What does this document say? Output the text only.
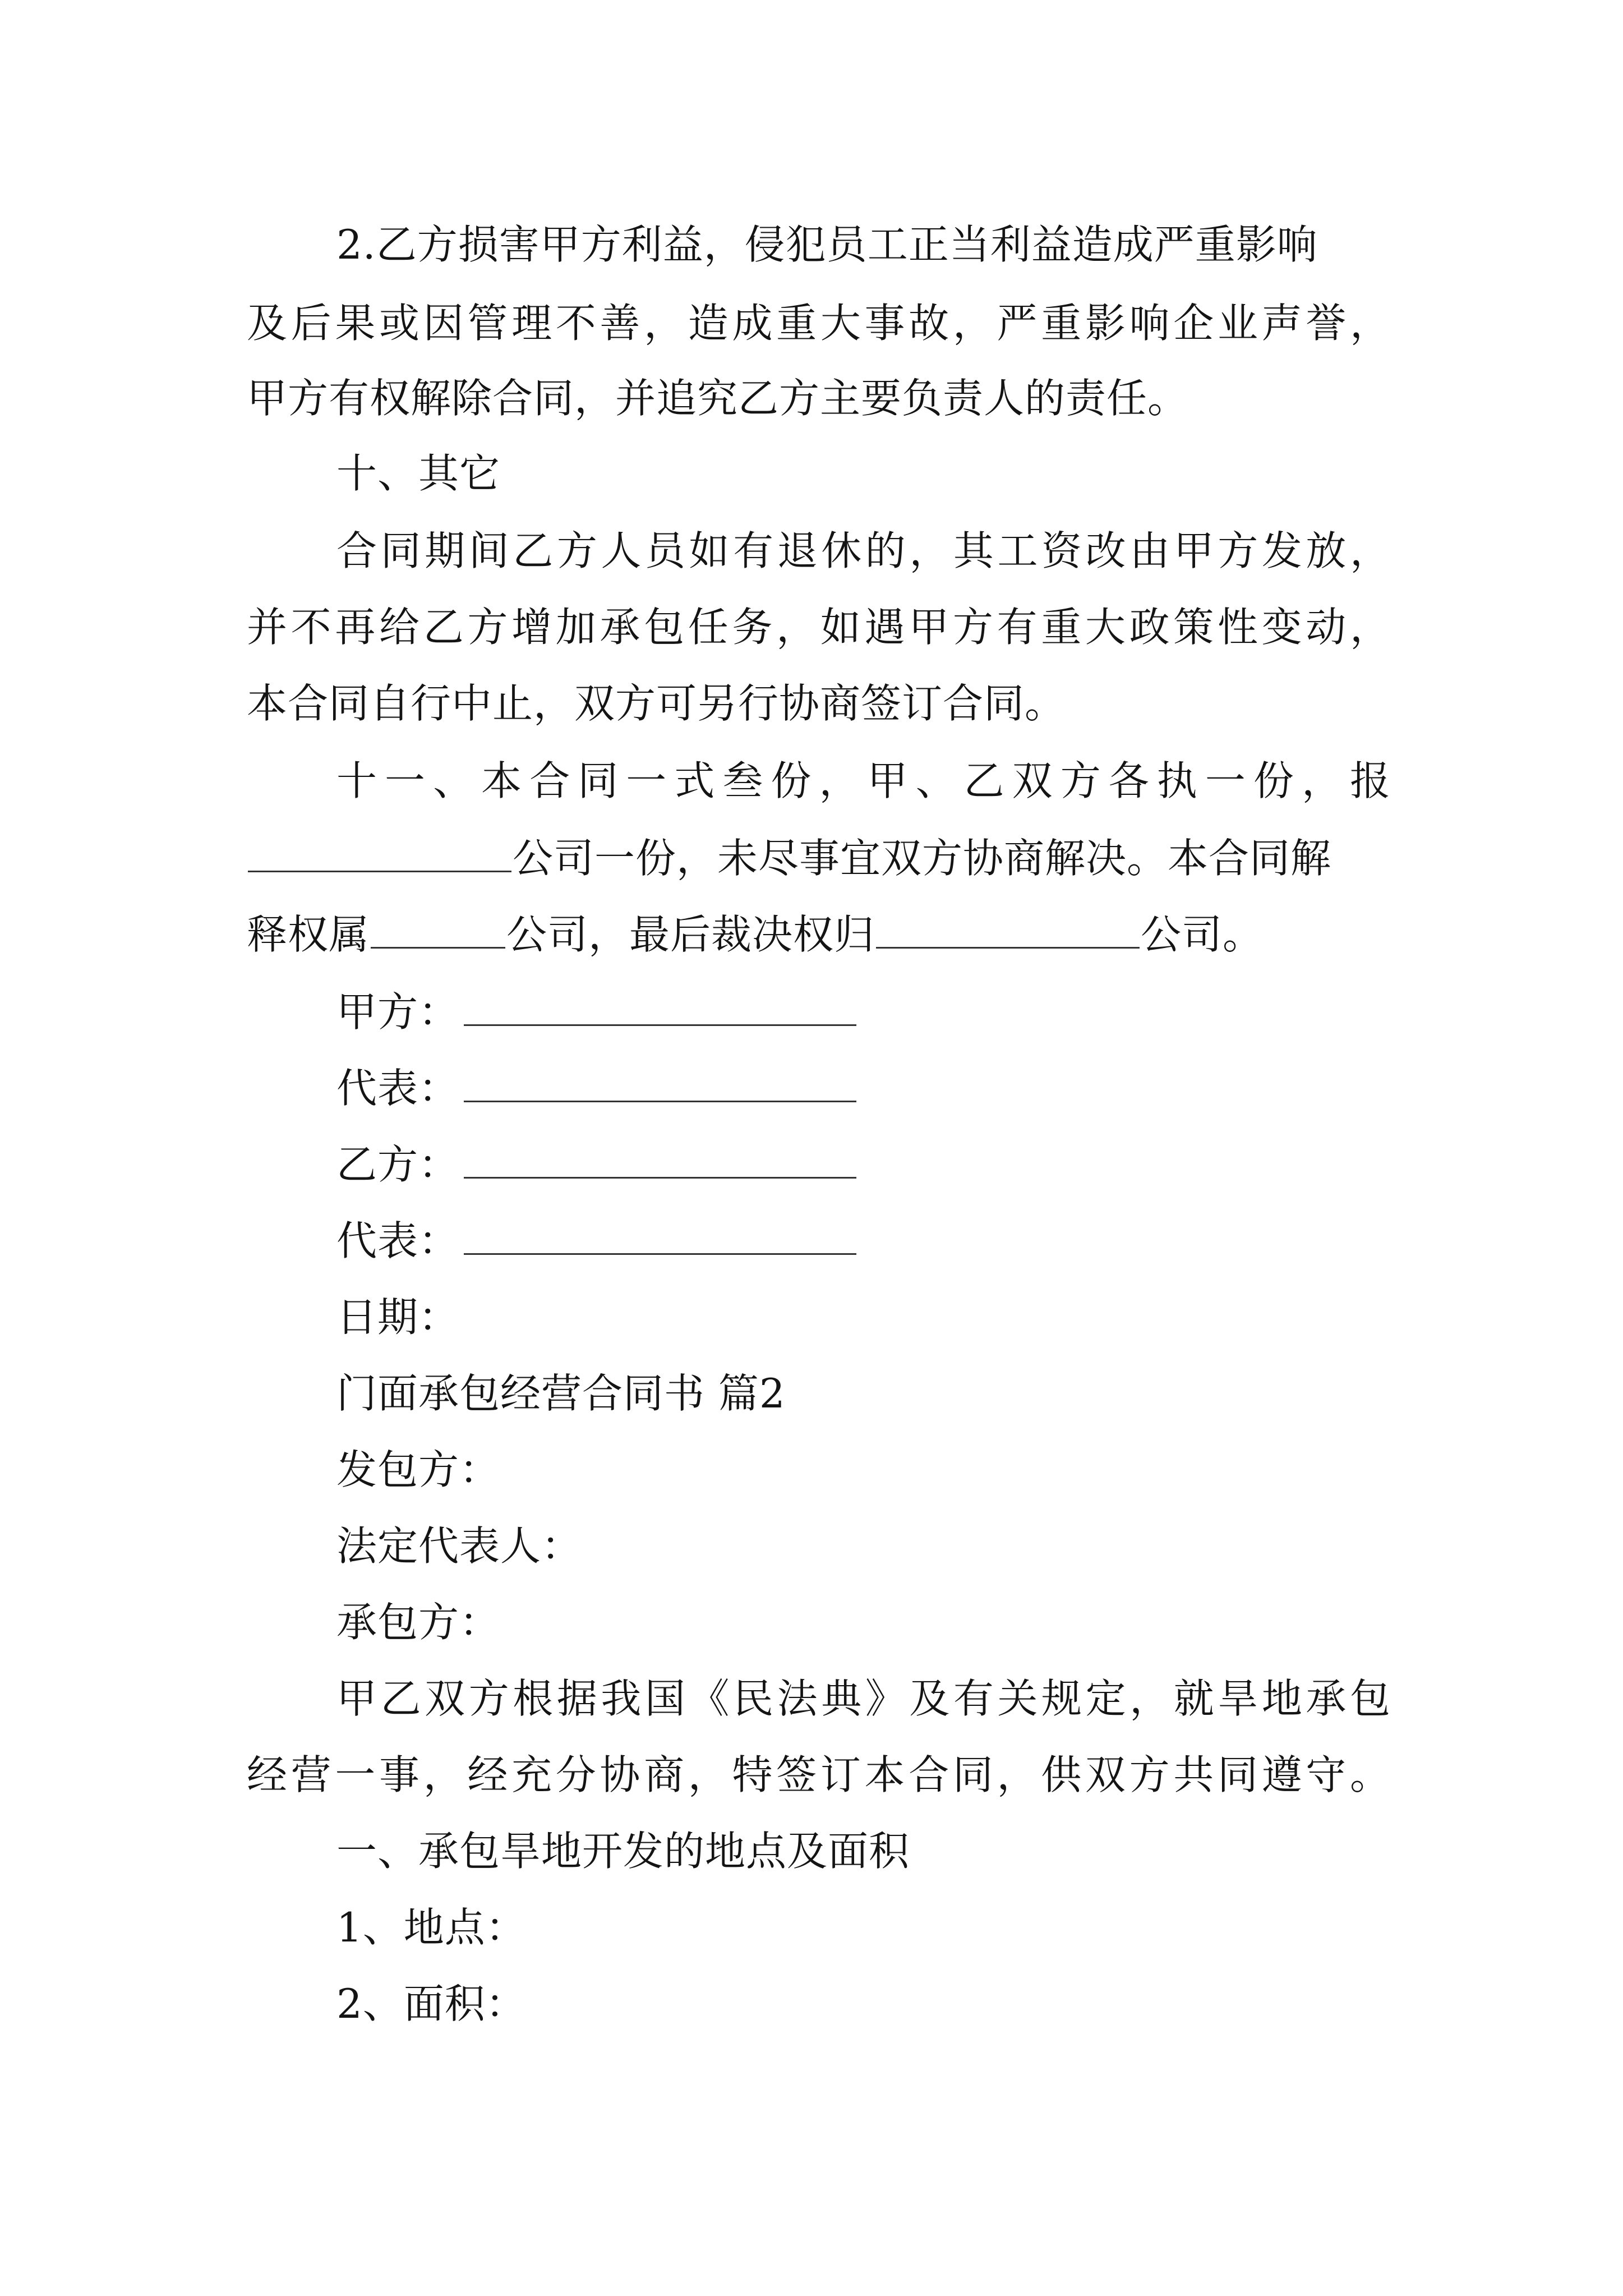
2.乙方损害甲方利益，侵犯员工正当利益造成严重影响
及后果或因管理不善，造成重大事故，严重影响企业声誉，
甲方有权解除合同，并追究乙方主要负责人的责任。
十、其它
合同期间乙方人员如有退休的，其工资改由甲方发放，
并不再给乙方增加承包任务，如遇甲方有重大政策性变动，
本合同自行中止，双方可另行协商签订合同。
十一、本合同一式叁份，甲、乙双方各执一份，报
公司一份，未尽事宜双方协商解决。本合同解
释权属	公司，最后裁决权归	公司。
甲方：
代表：
乙方：
代表：
日期：
门面承包经营合同书 篇2
发包方：
法定代表人：
承包方：
甲乙双方根据我国《民法典》及有关规定，就旱地承包
经营一事，经充分协商，特签订本合同，供双方共同遵守。
一、承包旱地开发的地点及面积
1、地点：
2、面积：
